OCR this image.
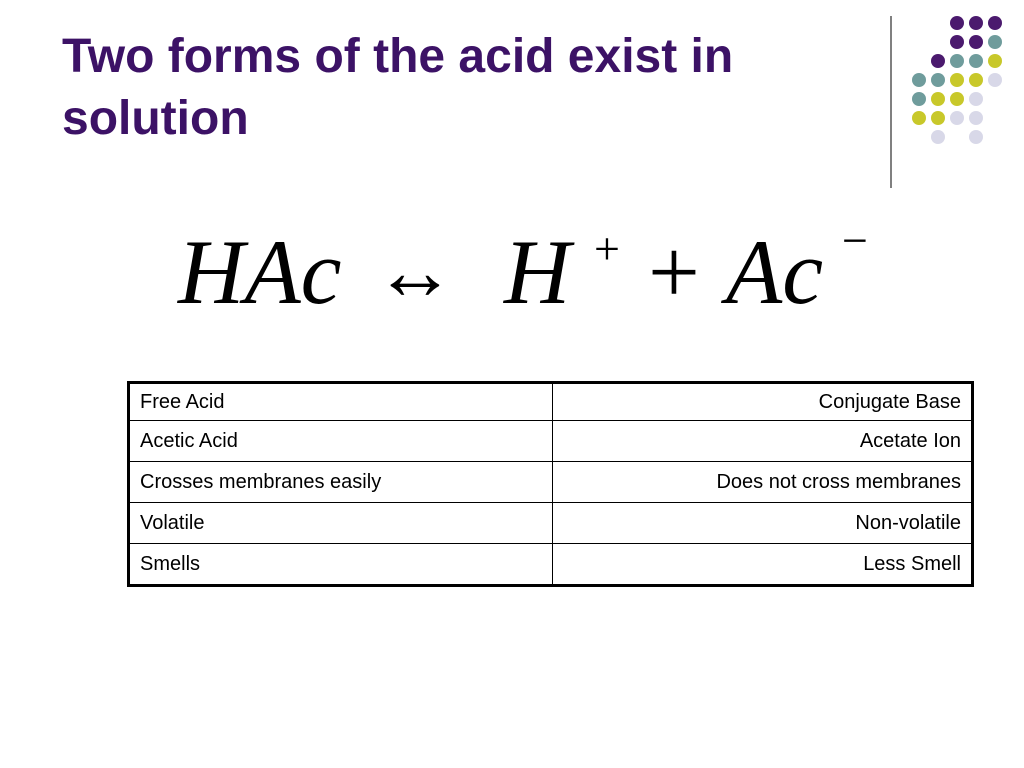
Two forms of the acid exist in solution
HAc ↔ H + + Ac −
Free Acid	Conjugate Base
Acetic Acid	Acetate Ion
Crosses membranes easily	Does not cross membranes
Volatile	Non-volatile
Smells	Less Smell
